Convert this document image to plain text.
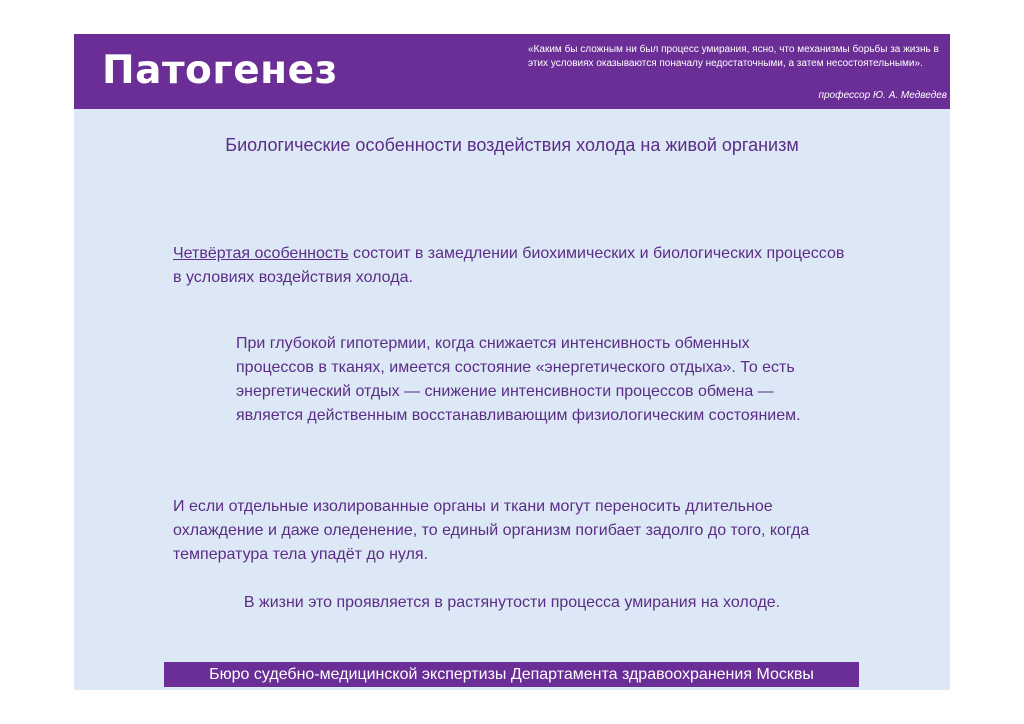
Патогенез	«Каким бы сложным ни был процесс умирания, ясно, что механизмы борьбы за жизнь в этих условиях оказываются поначалу недостаточными, а затем несостоятельными».
профессор Ю. А. Медведев
Биологические особенности воздействия холода на живой организм
Четвёртая особенность состоит в замедлении биохимических и биологических процессов в условиях воздействия холода.
При глубокой гипотермии, когда снижается интенсивность обменных процессов в тканях, имеется состояние «энергетического отдыха». То есть энергетический отдых — снижение интенсивности процессов обмена — является действенным восстанавливающим физиологическим состоянием.
И если отдельные изолированные органы и ткани могут переносить длительное охлаждение и даже оледенение, то единый организм погибает задолго до того, когда температура тела упадёт до нуля.
В жизни это проявляется в растянутости процесса умирания на холоде.
Бюро судебно-медицинской экспертизы Департамента здравоохранения Москвы
